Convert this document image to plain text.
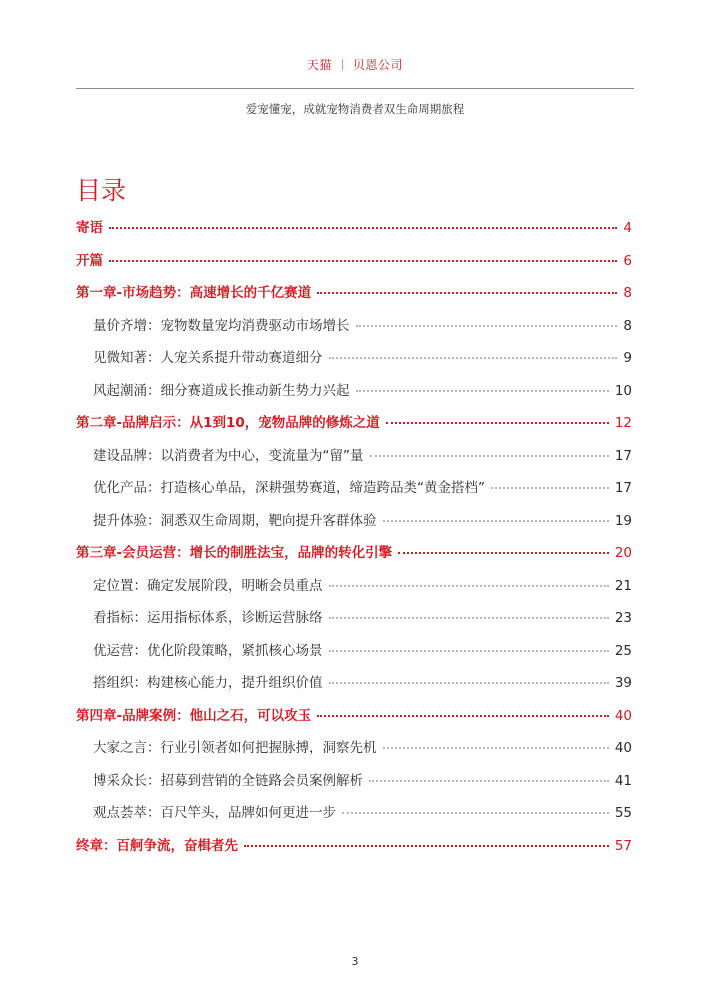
天猫 ｜ 贝恩公司
爱宠懂宠，成就宠物消费者双生命周期旅程
目录
寄语	4
开篇	6
第一章-市场趋势：高速增长的千亿赛道	8
量价齐增：宠物数量宠均消费驱动市场增长	8
见微知著：人宠关系提升带动赛道细分	9
风起潮涌：细分赛道成长推动新生势力兴起	10
第二章-品牌启示：从1到10，宠物品牌的修炼之道	12
建设品牌：以消费者为中心，变流量为“留”量	17
优化产品：打造核心单品，深耕强势赛道，缔造跨品类“黄金搭档”	17
提升体验：洞悉双生命周期，靶向提升客群体验	19
第三章-会员运营：增长的制胜法宝，品牌的转化引擎	20
定位置：确定发展阶段，明晰会员重点	21
看指标：运用指标体系，诊断运营脉络	23
优运营：优化阶段策略，紧抓核心场景	25
搭组织：构建核心能力，提升组织价值	39
第四章-品牌案例：他山之石，可以攻玉	40
大家之言：行业引领者如何把握脉搏，洞察先机	40
博采众长：招募到营销的全链路会员案例解析	41
观点荟萃：百尺竿头，品牌如何更进一步	55
终章：百舸争流，奋楫者先	57
3
